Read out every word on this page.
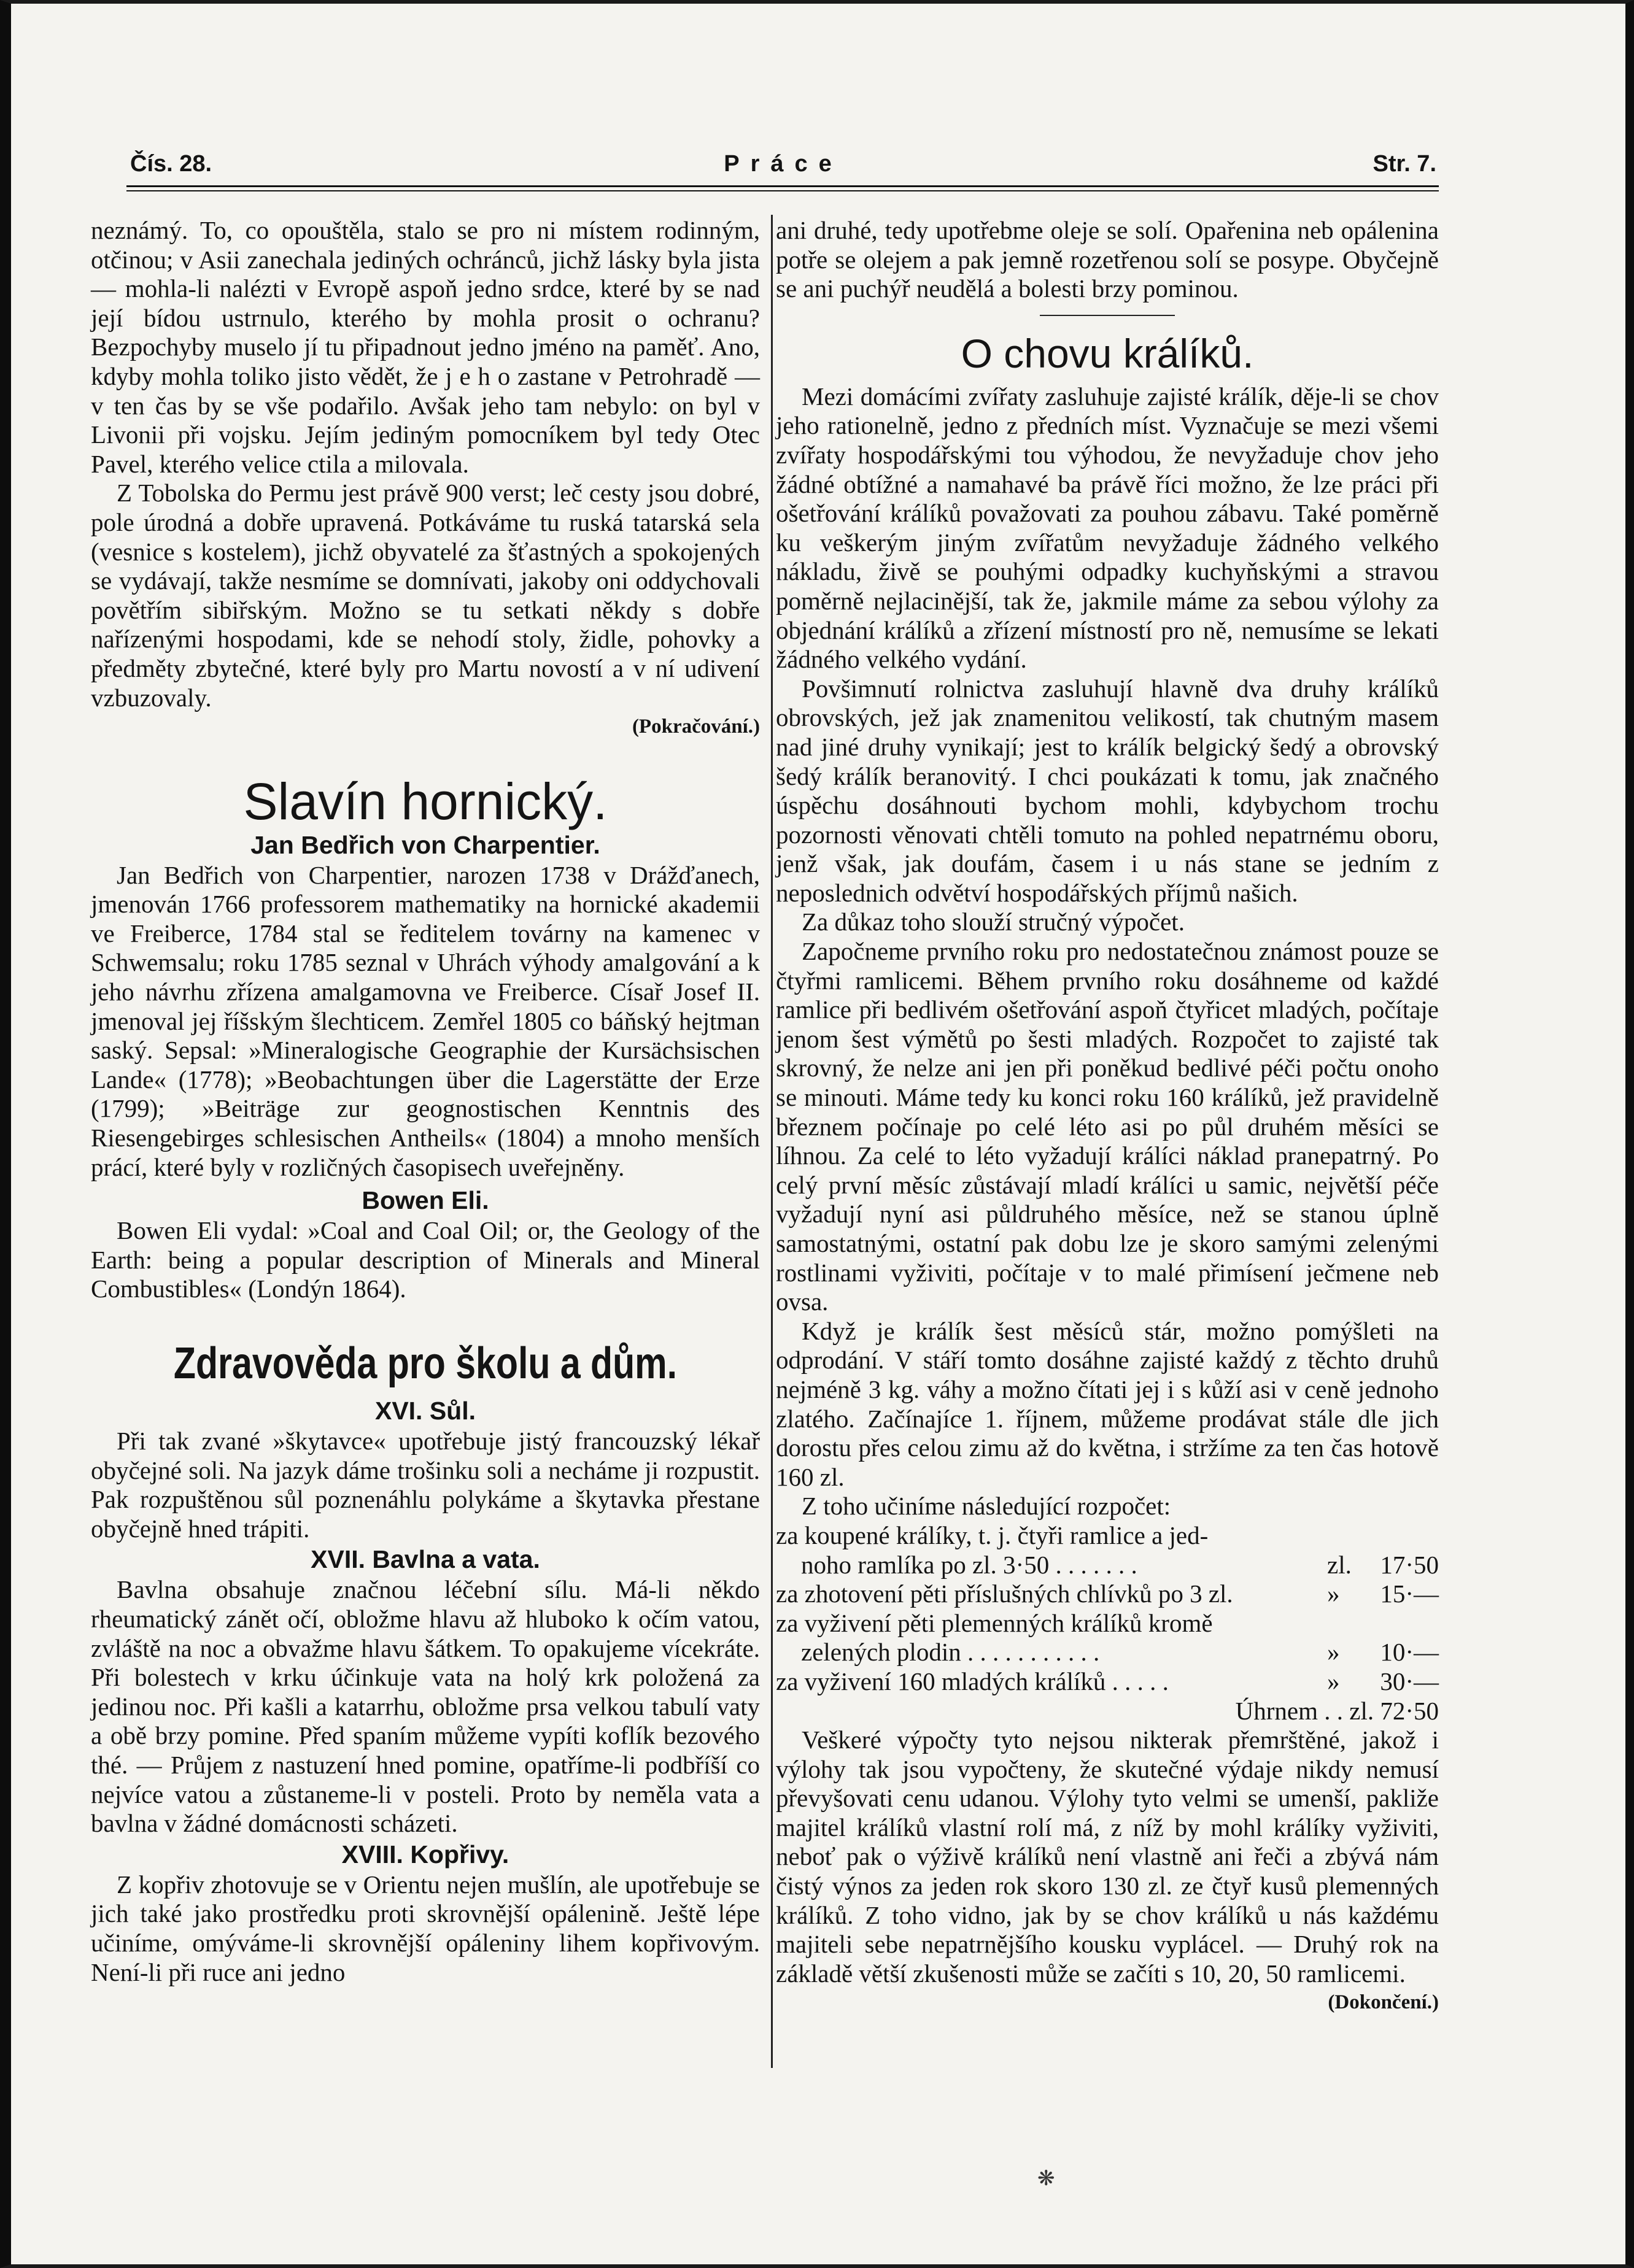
Čís. 28.	Práce	Str. 7.

neznámý. To, co opouštěla, stalo se pro ni místem rodinným, otčinou; v Asii zanechala jediných ochránců, jichž lásky byla jista — mohla-li nalézti v Evropě aspoň jedno srdce, které by se nad její bídou ustrnulo, kterého by mohla prosit o ochranu? Bezpochyby muselo jí tu připadnout jedno jméno na paměť. Ano, kdyby mohla toliko jisto vědět, že j e h o zastane v Petrohradě — v ten čas by se vše podařilo. Avšak jeho tam nebylo: on byl v Livonii při vojsku. Jejím jediným pomocníkem byl tedy Otec Pavel, kterého velice ctila a milovala.

Z Tobolska do Permu jest právě 900 verst; leč cesty jsou dobré, pole úrodná a dobře upravená. Potkáváme tu ruská tatarská sela (vesnice s kostelem), jichž obyvatelé za šťastných a spokojených se vydávají, takže nesmíme se domnívati, jakoby oni oddychovali povětřím sibiřským. Možno se tu setkati někdy s dobře nařízenými hospodami, kde se nehodí stoly, židle, pohovky a předměty zbytečné, které byly pro Martu novostí a v ní udivení vzbuzovaly.

(Pokračování.)
Slavín hornický.
Jan Bedřich von Charpentier.

Jan Bedřich von Charpentier, narozen 1738 v Drážďanech, jmenován 1766 professorem mathematiky na hornické akademii ve Freiberce, 1784 stal se ředitelem továrny na kamenec v Schwemsalu; roku 1785 seznal v Uhrách výhody amalgování a k jeho návrhu zřízena amalgamovna ve Freiberce. Císař Josef II. jmenoval jej říšským šlechticem. Zemřel 1805 co báňský hejtman saský. Sepsal: »Mineralogische Geographie der Kursächsischen Lande« (1778); »Beobachtungen über die Lagerstätte der Erze (1799); »Beiträge zur geognostischen Kenntnis des Riesengebirges schlesischen Antheils« (1804) a mnoho menších prácí, které byly v rozličných časopisech uveřejněny.

Bowen Eli.

Bowen Eli vydal: »Coal and Coal Oil; or, the Geology of the Earth: being a popular description of Minerals and Mineral Combustibles« (Londýn 1864).

Zdravověda pro školu a dům.
XVI. Sůl.

Při tak zvané »škytavce« upotřebuje jistý francouzský lékař obyčejné soli. Na jazyk dáme trošinku soli a necháme ji rozpustit. Pak rozpuštěnou sůl poznenáhlu polykáme a škytavka přestane obyčejně hned trápiti.

XVII. Bavlna a vata.

Bavlna obsahuje značnou léčební sílu. Má-li někdo rheumatický zánět očí, obložme hlavu až hluboko k očím vatou, zvláště na noc a obvažme hlavu šátkem. To opakujeme vícekráte. Při bolestech v krku účinkuje vata na holý krk položená za jedinou noc. Při kašli a katarrhu, obložme prsa velkou tabulí vaty a obě brzy pomine. Před spaním můžeme vypíti koflík bezového thé. — Průjem z nastuzení hned pomine, opatříme-li podbříší co nejvíce vatou a zůstaneme-li v posteli. Proto by neměla vata a bavlna v žádné domácnosti scházeti.

XVIII. Kopřivy.

Z kopřiv zhotovuje se v Orientu nejen mušlín, ale upotřebuje se jich také jako prostředku proti skrovnější opálenině. Ještě lépe učiníme, omýváme-li skrovnější opáleniny lihem kopřivovým. Není-li při ruce ani jedno

ani druhé, tedy upotřebme oleje se solí. Opařenina neb opálenina potře se olejem a pak jemně rozetřenou solí se posype. Obyčejně se ani puchýř neudělá a bolesti brzy pominou.

O chovu králíků.

Mezi domácími zvířaty zasluhuje zajisté králík, děje-li se chov jeho rationelně, jedno z předních míst. Vyznačuje se mezi všemi zvířaty hospodářskými tou výhodou, že nevyžaduje chov jeho žádné obtížné a namahavé ba právě říci možno, že lze práci při ošetřování králíků považovati za pouhou zábavu. Také poměrně ku veškerým jiným zvířatům nevyžaduje žádného velkého nákladu, živě se pouhými odpadky kuchyňskými a stravou poměrně nejlacinější, tak že, jakmile máme za sebou výlohy za objednání králíků a zřízení místností pro ně, nemusíme se lekati žádného velkého vydání.

Povšimnutí rolnictva zasluhují hlavně dva druhy králíků obrovských, jež jak znamenitou velikostí, tak chutným masem nad jiné druhy vynikají; jest to králík belgický šedý a obrovský šedý králík beranovitý. I chci poukázati k tomu, jak značného úspěchu dosáhnouti bychom mohli, kdybychom trochu pozornosti věnovati chtěli tomuto na pohled nepatrnému oboru, jenž však, jak doufám, časem i u nás stane se jedním z neposlednich odvětví hospodářských příjmů našich.

Za důkaz toho slouží stručný výpočet.

Započneme prvního roku pro nedostatečnou známost pouze se čtyřmi ramlicemi. Během prvního roku dosáhneme od každé ramlice při bedlivém ošetřování aspoň čtyřicet mladých, počítaje jenom šest výmětů po šesti mladých. Rozpočet to zajisté tak skrovný, že nelze ani jen při poněkud bedlivé péči počtu onoho se minouti. Máme tedy ku konci roku 160 králíků, jež pravidelně březnem počínaje po celé léto asi po půl druhém měsíci se líhnou. Za celé to léto vyžadují králíci náklad pranepatrný. Po celý první měsíc zůstávají mladí králíci u samic, největší péče vyžadují nyní asi půldruhého měsíce, než se stanou úplně samostatnými, ostatní pak dobu lze je skoro samými zelenými rostlinami vyživiti, počítaje v to malé přimísení ječmene neb ovsa.

Když je králík šest měsíců stár, možno pomýšleti na odprodání. V stáří tomto dosáhne zajisté každý z těchto druhů nejméně 3 kg. váhy a možno čítati jej i s kůží asi v ceně jednoho zlatého. Začínajíce 1. říjnem, můžeme prodávat stále dle jich dorostu přes celou zimu až do května, i stržíme za ten čas hotově 160 zl.

Z toho učiníme následující rozpočet:

za koupené králíky, t. j. čtyři ramlice a jed-
 noho ramlíka po zl. 3·50 . . . . . . .	zl.	17·50
za zhotovení pěti příslušných chlívků po 3 zl.	»	15·—
za vyživení pěti plemenných králíků kromě
 zelených plodin . . . . . . . . . . .	»	10·—
za vyživení 160 mladých králíků . . . . .	»	30·—
Úhrnem . . zl. 72·50

Veškeré výpočty tyto nejsou nikterak přemrštěné, jakož i výlohy tak jsou vypočteny, že skutečné výdaje nikdy nemusí převyšovati cenu udanou. Výlohy tyto velmi se umenší, pakliže majitel králíků vlastní rolí má, z níž by mohl králíky vyživiti, neboť pak o výživě králíků není vlastně ani řeči a zbývá nám čistý výnos za jeden rok skoro 130 zl. ze čtyř kusů plemenných králíků. Z toho vidno, jak by se chov králíků u nás každému majiteli sebe nepatrnějšího kousku vyplácel. — Druhý rok na základě větší zkušenosti může se začíti s 10, 20, 50 ramlicemi.

(Dokončení.)
❋
